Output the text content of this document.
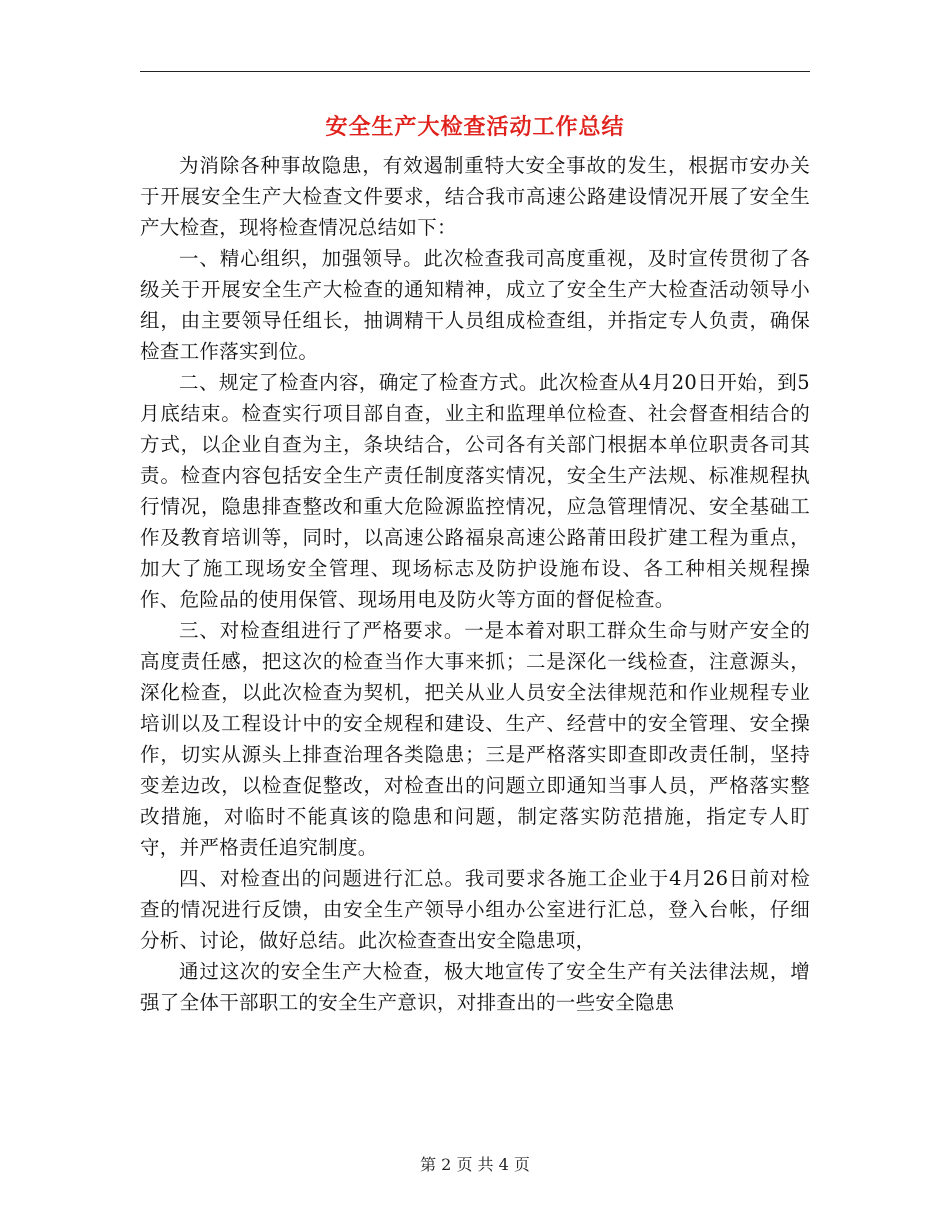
安全生产大检查活动工作总结

为消除各种事故隐患，有效遏制重特大安全事故的发生，根据市安办关于开展安全生产大检查文件要求，结合我市高速公路建设情况开展了安全生产大检查，现将检查情况总结如下：

一、精心组织，加强领导。此次检查我司高度重视，及时宣传贯彻了各级关于开展安全生产大检查的通知精神，成立了安全生产大检查活动领导小组，由主要领导任组长，抽调精干人员组成检查组，并指定专人负责，确保检查工作落实到位。

二、规定了检查内容，确定了检查方式。此次检查从4月20日开始，到5月底结束。检查实行项目部自查，业主和监理单位检查、社会督查相结合的方式，以企业自查为主，条块结合，公司各有关部门根据本单位职责各司其责。检查内容包括安全生产责任制度落实情况，安全生产法规、标准规程执行情况，隐患排查整改和重大危险源监控情况，应急管理情况、安全基础工作及教育培训等，同时，以高速公路福泉高速公路莆田段扩建工程为重点，加大了施工现场安全管理、现场标志及防护设施布设、各工种相关规程操作、危险品的使用保管、现场用电及防火等方面的督促检查。

三、对检查组进行了严格要求。一是本着对职工群众生命与财产安全的高度责任感，把这次的检查当作大事来抓；二是深化一线检查，注意源头，深化检查，以此次检查为契机，把关从业人员安全法律规范和作业规程专业培训以及工程设计中的安全规程和建设、生产、经营中的安全管理、安全操作，切实从源头上排查治理各类隐患；三是严格落实即查即改责任制，坚持变差边改，以检查促整改，对检查出的问题立即通知当事人员，严格落实整改措施，对临时不能真该的隐患和问题，制定落实防范措施，指定专人盯守，并严格责任追究制度。

四、对检查出的问题进行汇总。我司要求各施工企业于4月26日前对检查的情况进行反馈，由安全生产领导小组办公室进行汇总，登入台帐，仔细分析、讨论，做好总结。此次检查查出安全隐患项，

通过这次的安全生产大检查，极大地宣传了安全生产有关法律法规，增强了全体干部职工的安全生产意识，对排查出的一些安全隐患

第 2 页 共 4 页
